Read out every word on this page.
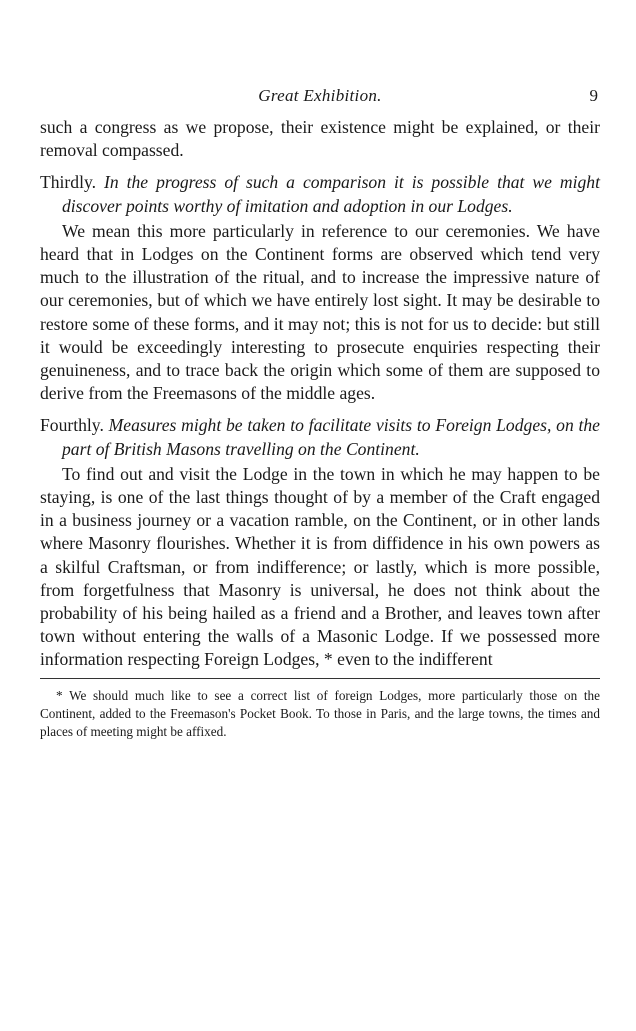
Great Exhibition.	9

such a congress as we propose, their existence might be explained, or their removal compassed.

Thirdly. In the progress of such a comparison it is possible that we might discover points worthy of imitation and adoption in our Lodges.

We mean this more particularly in reference to our ceremonies. We have heard that in Lodges on the Continent forms are observed which tend very much to the illustration of the ritual, and to increase the impressive nature of our ceremonies, but of which we have entirely lost sight. It may be desirable to restore some of these forms, and it may not; this is not for us to decide: but still it would be exceedingly interesting to prosecute enquiries respecting their genuineness, and to trace back the origin which some of them are supposed to derive from the Freemasons of the middle ages.

Fourthly. Measures might be taken to facilitate visits to Foreign Lodges, on the part of British Masons travelling on the Continent.

To find out and visit the Lodge in the town in which he may happen to be staying, is one of the last things thought of by a member of the Craft engaged in a business journey or a vacation ramble, on the Continent, or in other lands where Masonry flourishes. Whether it is from diffidence in his own powers as a skilful Craftsman, or from indifference; or lastly, which is more possible, from forgetfulness that Masonry is universal, he does not think about the probability of his being hailed as a friend and a Brother, and leaves town after town without entering the walls of a Masonic Lodge. If we possessed more information respecting Foreign Lodges, * even to the indifferent

* We should much like to see a correct list of foreign Lodges, more particularly those on the Continent, added to the Freemason's Pocket Book. To those in Paris, and the large towns, the times and places of meeting might be affixed.
